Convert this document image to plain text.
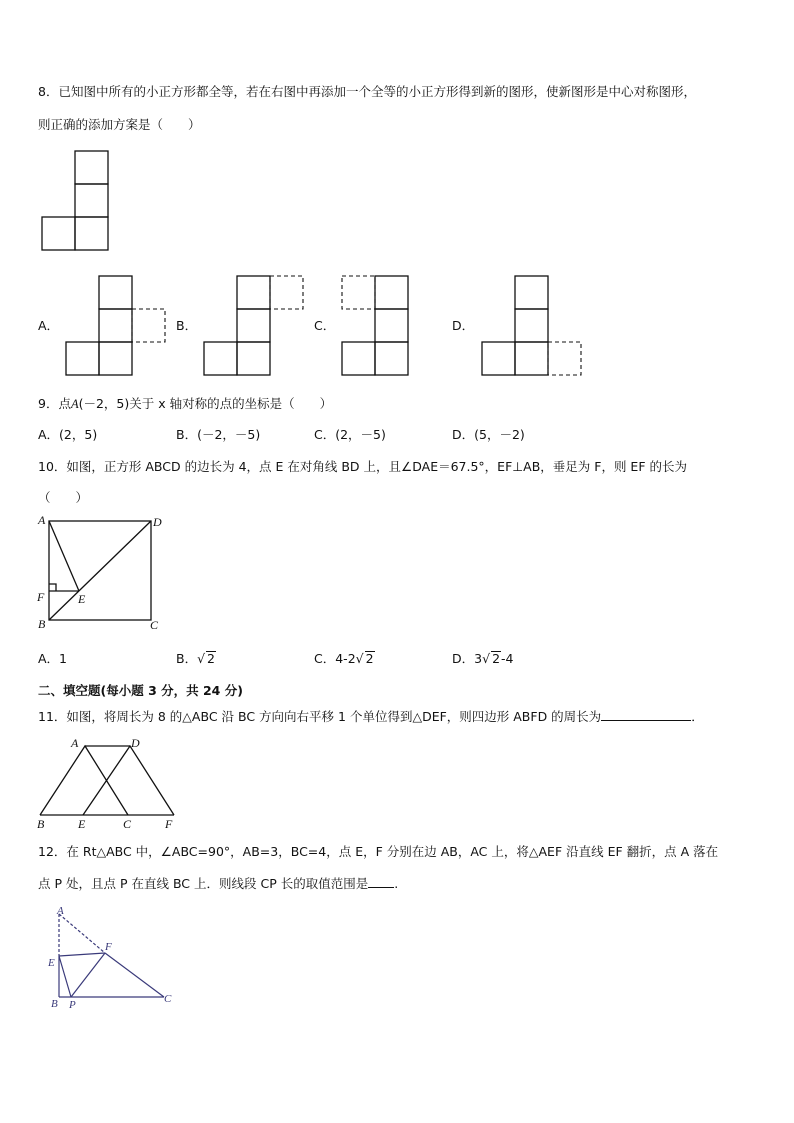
8．已知图中所有的小正方形都全等，若在右图中再添加一个全等的小正方形得到新的图形，使新图形是中心对称图形，
则正确的添加方案是（　　）
A．	B．	C．	D．
9．点A(－2，5)关于 x 轴对称的点的坐标是（　　）
A．(2，5)	B．(－2，－5)	C．(2，－5)	D．(5，－2)
10．如图，正方形 ABCD 的边长为 4，点 E 在对角线 BD 上，且∠DAE＝67.5°，EF⊥AB，垂足为 F，则 EF 的长为
（　　）
A	D
F	E
B	C
A．1	B．√ 2	C．4-2√ 2	D．3√ 2-4
二、填空题(每小题 3 分，共 24 分)
11．如图，将周长为 8 的△ABC 沿 BC 方向向右平移 1 个单位得到△DEF，则四边形 ABFD 的周长为	．
A	D
B	E	C	F
12．在 Rt△ABC 中，∠ABC=90°，AB=3，BC=4，点 E，F 分别在边 AB，AC 上，将△AEF 沿直线 EF 翻折，点 A 落在
点 P 处，且点 P 在直线 BC 上．则线段 CP 长的取值范围是 .
A
F
E
B P	C
